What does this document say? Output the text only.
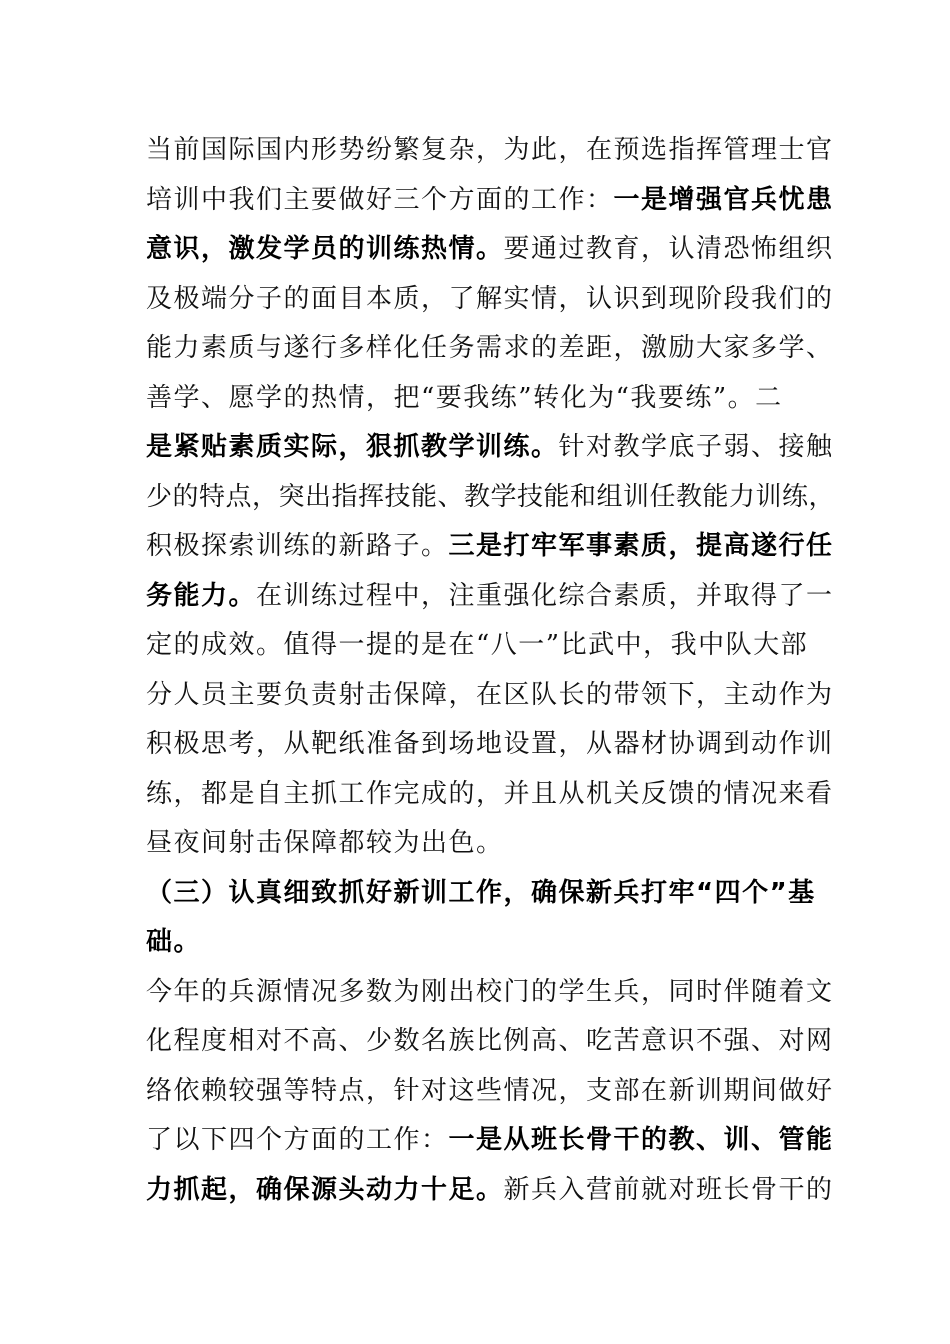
当前国际国内形势纷繁复杂，为此，在预选指挥管理士官
培训中我们主要做好三个方面的工作：一是增强官兵忧患
意识，激发学员的训练热情。要通过教育，认清恐怖组织
及极端分子的面目本质，了解实情，认识到现阶段我们的
能力素质与遂行多样化任务需求的差距，激励大家多学、
善学、愿学的热情，把“要我练”转化为“我要练”。二
是紧贴素质实际，狠抓教学训练。针对教学底子弱、接触
少的特点，突出指挥技能、教学技能和组训任教能力训练，
积极探索训练的新路子。三是打牢军事素质，提高遂行任
务能力。在训练过程中，注重强化综合素质，并取得了一
定的成效。值得一提的是在“八一”比武中，我中队大部
分人员主要负责射击保障，在区队长的带领下，主动作为
积极思考，从靶纸准备到场地设置，从器材协调到动作训
练，都是自主抓工作完成的，并且从机关反馈的情况来看
昼夜间射击保障都较为出色。
（三）认真细致抓好新训工作，确保新兵打牢“四个”基
础。
今年的兵源情况多数为刚出校门的学生兵，同时伴随着文
化程度相对不高、少数名族比例高、吃苦意识不强、对网
络依赖较强等特点，针对这些情况，支部在新训期间做好
了以下四个方面的工作：一是从班长骨干的教、训、管能
力抓起，确保源头动力十足。新兵入营前就对班长骨干的
